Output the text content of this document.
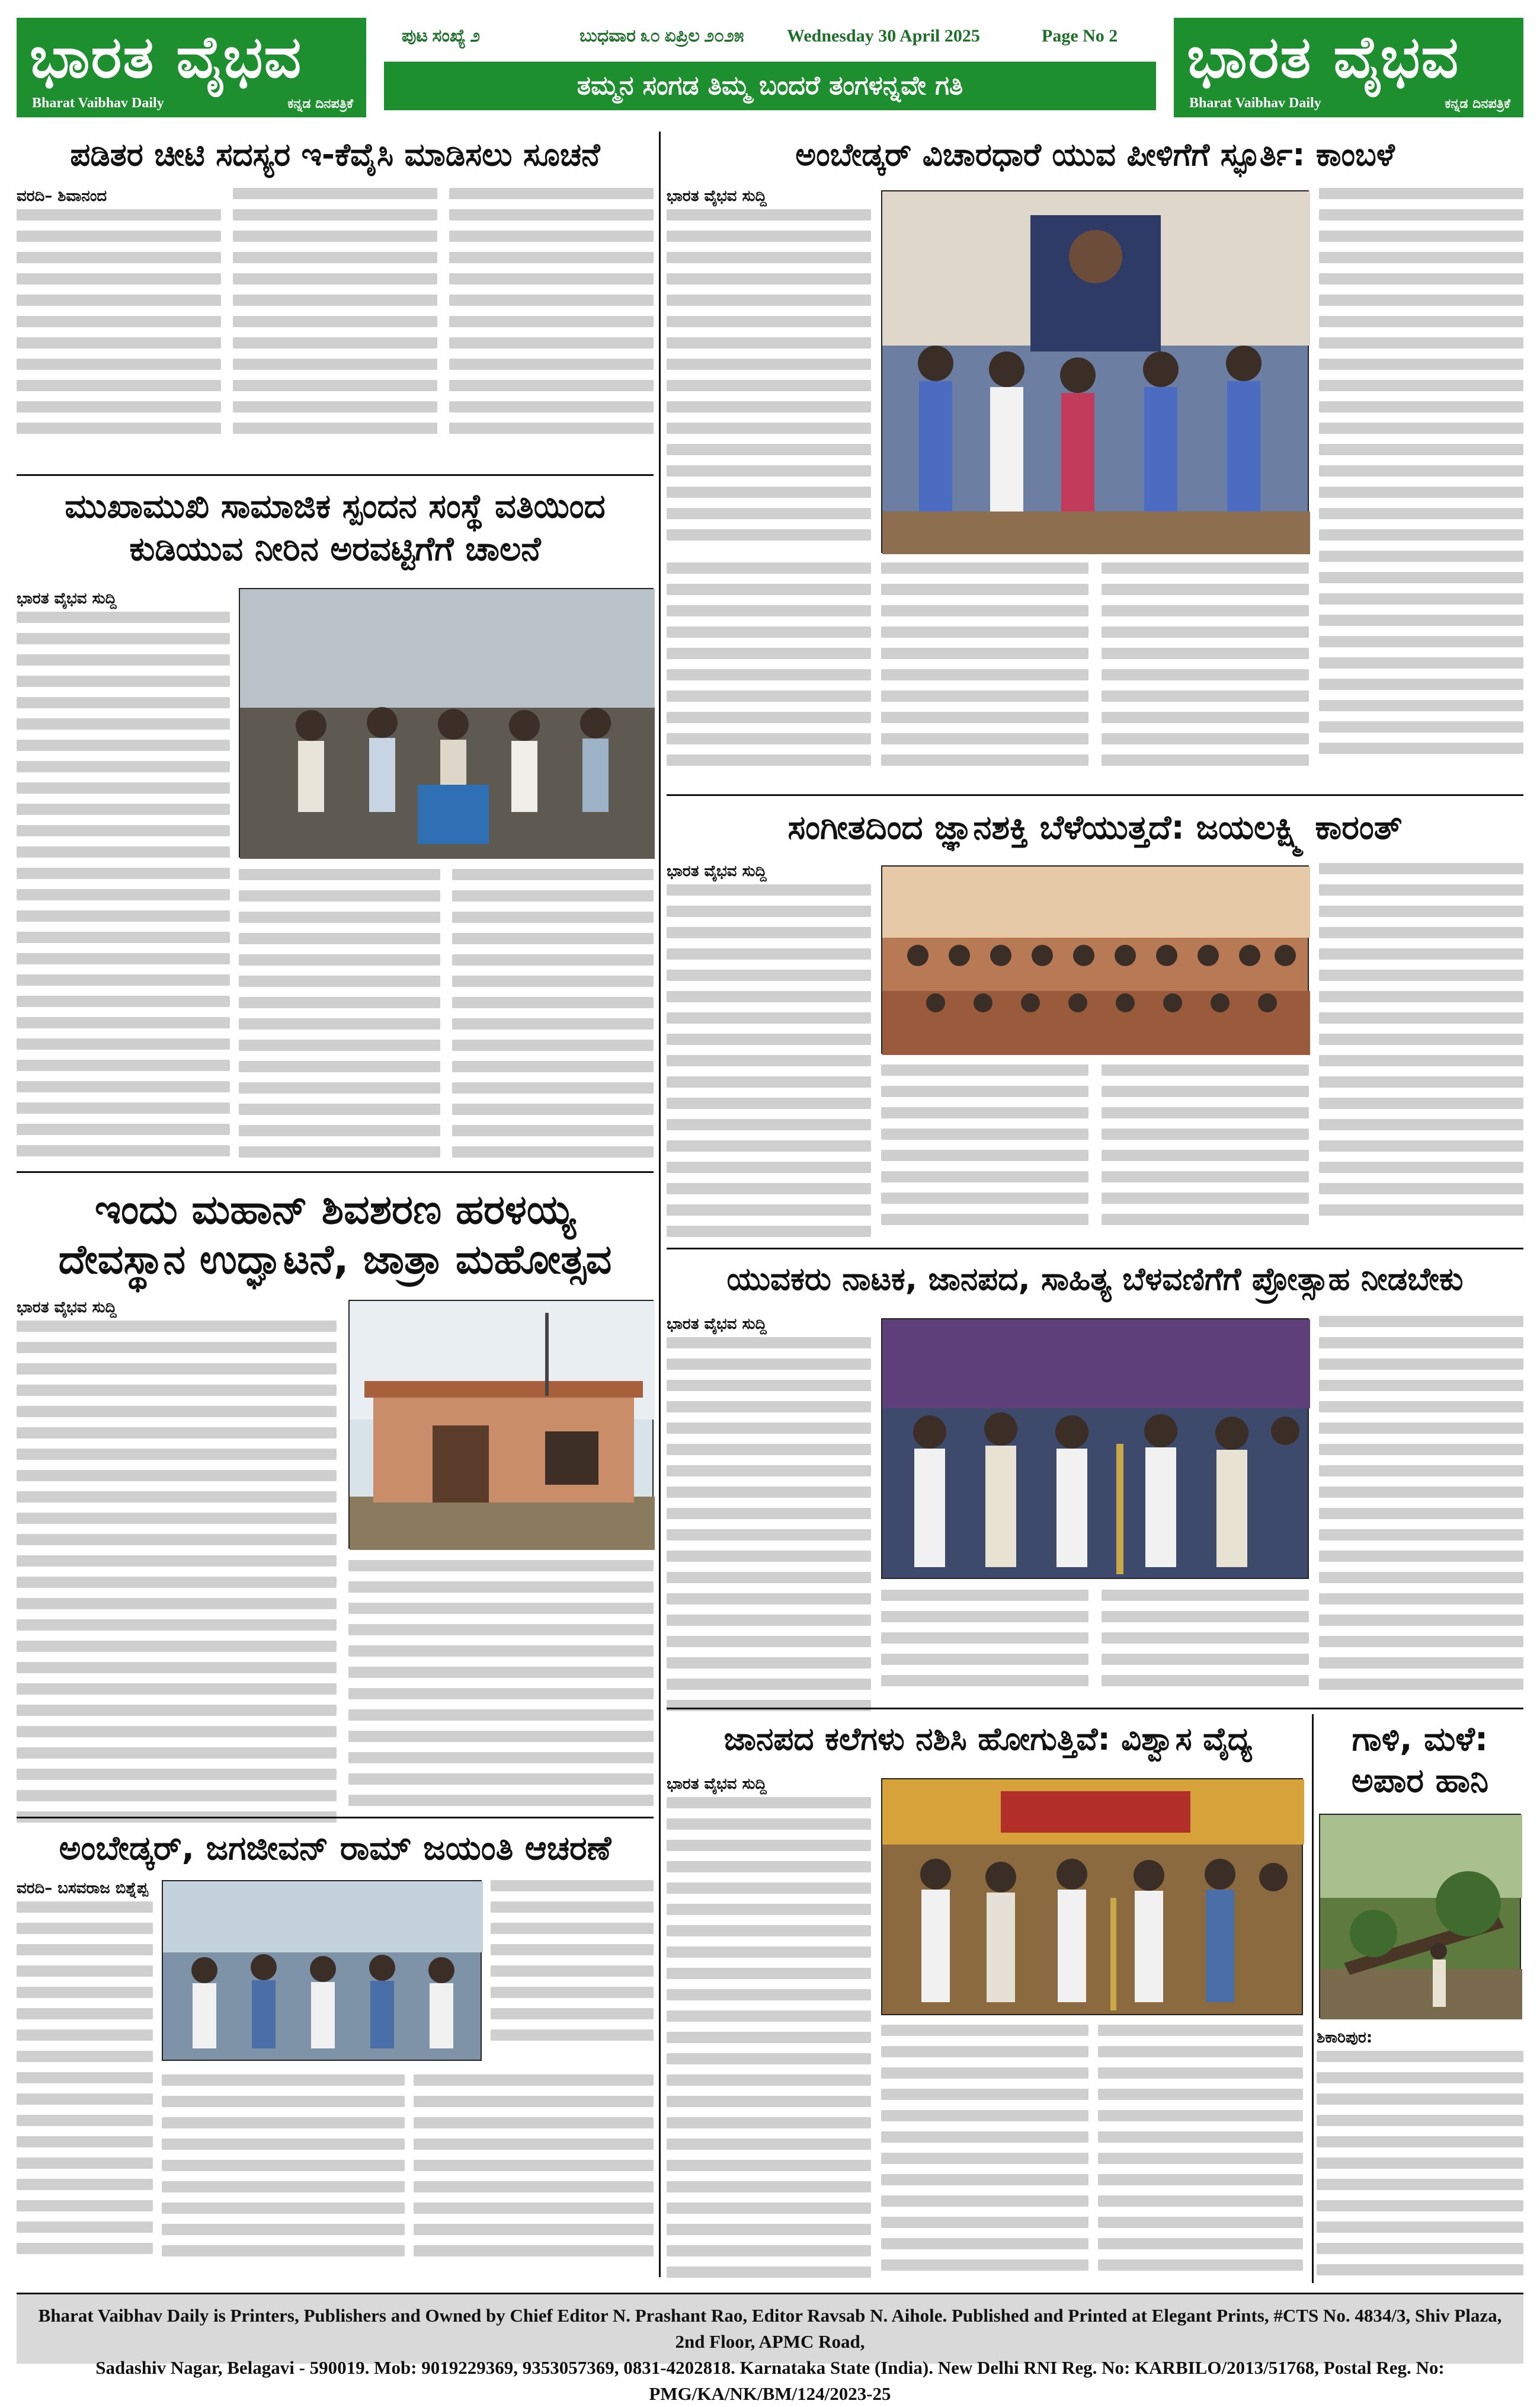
ಭಾರತ ವೈಭವ
Bharat Vaibhav Daily	ಕನ್ನಡ ದಿನಪತ್ರಿಕೆ
ಪುಟ ಸಂಖ್ಯೆ ೨	ಬುಧವಾರ ೩೦ ಏಪ್ರಿಲ ೨೦೨೫ Wednesday 30 April 2025	Page No 2
ತಮ್ಮನ ಸಂಗಡ ತಿಮ್ಮ ಬಂದರೆ ತಂಗಳನ್ನವೇ ಗತಿ	ಭಾರತ ವೈಭವ
Bharat Vaibhav Daily	ಕನ್ನಡ ದಿನಪತ್ರಿಕೆ
ಪಡಿತರ ಚೀಟಿ ಸದಸ್ಯರ ಇ-ಕೆವೈಸಿ ಮಾಡಿಸಲು ಸೂಚನೆ
ವರದಿ– ಶಿವಾನಂದ
ಮುಖಾಮುಖಿ ಸಾಮಾಜಿಕ ಸ್ಪಂದನ ಸಂಸ್ಥೆ ವತಿಯಿಂದ
ಕುಡಿಯುವ ನೀರಿನ ಅರವಟ್ಟಿಗೆಗೆ ಚಾಲನೆ
ಭಾರತ ವೈಭವ ಸುದ್ದಿ
ಇಂದು ಮಹಾನ್ ಶಿವಶರಣ ಹರಳಯ್ಯ
ದೇವಸ್ಥಾನ ಉದ್ಘಾಟನೆ, ಜಾತ್ರಾ ಮಹೋತ್ಸವ
ಭಾರತ ವೈಭವ ಸುದ್ದಿ
ಅಂಬೇಡ್ಕರ್, ಜಗಜೀವನ್ ರಾಮ್ ಜಯಂತಿ ಆಚರಣೆ
ವರದಿ– ಬಸವರಾಜ ಬಿಶ್ನೆಪ್ಪ
ಅಂಬೇಡ್ಕರ್ ವಿಚಾರಧಾರೆ ಯುವ ಪೀಳಿಗೆಗೆ ಸ್ಫೂರ್ತಿ: ಕಾಂಬಳೆ
ಭಾರತ ವೈಭವ ಸುದ್ದಿ
ಸಂಗೀತದಿಂದ ಜ್ಞಾನಶಕ್ತಿ ಬೆಳೆಯುತ್ತದೆ: ಜಯಲಕ್ಷ್ಮಿ ಕಾರಂತ್
ಭಾರತ ವೈಭವ ಸುದ್ದಿ
ಯುವಕರು ನಾಟಕ, ಜಾನಪದ, ಸಾಹಿತ್ಯ ಬೆಳವಣಿಗೆಗೆ ಪ್ರೋತ್ಸಾಹ ನೀಡಬೇಕು
ಭಾರತ ವೈಭವ ಸುದ್ದಿ
ಜಾನಪದ ಕಲೆಗಳು ನಶಿಸಿ ಹೋಗುತ್ತಿವೆ: ವಿಶ್ವಾಸ ವೈದ್ಯ
ಭಾರತ ವೈಭವ ಸುದ್ದಿ
ಗಾಳಿ, ಮಳೆ:
ಅಪಾರ ಹಾನಿ
ಶಿಕಾರಿಪುರ:
Bharat Vaibhav Daily is Printers, Publishers and Owned by Chief Editor N. Prashant Rao, Editor Ravsab N. Aihole. Published and Printed at Elegant Prints, #CTS No. 4834/3, Shiv Plaza, 2nd Floor, APMC Road,
Sadashiv Nagar, Belagavi - 590019. Mob: 9019229369, 9353057369, 0831-4202818. Karnataka State (India). New Delhi RNI Reg. No: KARBILO/2013/51768, Postal Reg. No: PMG/KA/NK/BM/124/2023-25
